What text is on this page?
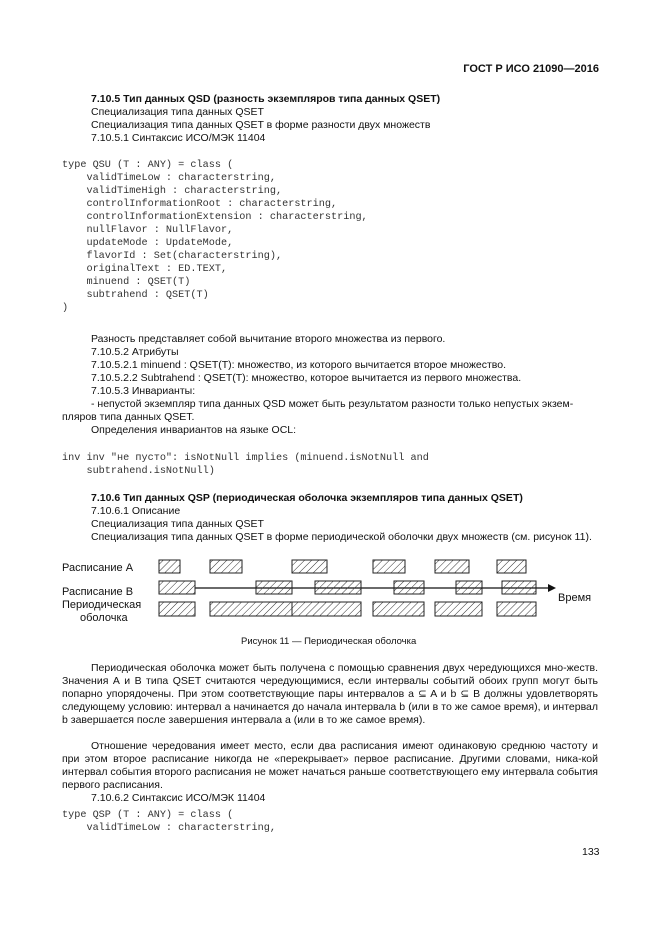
ГОСТ Р ИСО 21090—2016
7.10.5 Тип данных QSD (разность экземпляров типа данных QSET)
Специализация типа данных QSET
Специализация типа данных QSET в форме разности двух множеств
7.10.5.1 Синтаксис ИСО/МЭК 11404
type QSU (T : ANY) = class (
validTimeLow : characterstring,
validTimeHigh : characterstring,
controlInformationRoot : characterstring,
controlInformationExtension : characterstring,
nullFlavor : NullFlavor,
updateMode : UpdateMode,
flavorId : Set(characterstring),
originalText : ED.TEXT,
minuend : QSET(T)
subtrahend : QSET(T)
)
Разность представляет собой вычитание второго множества из первого.
7.10.5.2 Атрибуты
7.10.5.2.1 minuend : QSET(T): множество, из которого вычитается второе множество.
7.10.5.2.2 Subtrahend : QSET(T): множество, которое вычитается из первого множества.
7.10.5.3 Инварианты:
- непустой экземпляр типа данных QSD может быть результатом разности только непустых экзем-
пляров типа данных QSET.
Определения инвариантов на языке OCL:
inv inv "не пусто": isNotNull implies (minuend.isNotNull and
subtrahend.isNotNull)
7.10.6 Тип данных QSP (периодическая оболочка экземпляров типа данных QSET)
7.10.6.1 Описание
Специализация типа данных QSET
Специализация типа данных QSET в форме периодической оболочки двух множеств (см. рисунок 11).
Расписание А
Расписание В
Периодическая
оболочка
Время
Рисунок 11 — Периодическая оболочка
Периодическая оболочка может быть получена с помощью сравнения двух чередующихся мно-жеств. Значения А и В типа QSET считаются чередующимися, если интервалы событий обоих групп могут быть попарно упорядочены. При этом соответствующие пары интервалов a ⊆ A и b ⊆ B должны удовлетворять следующему условию: интервал a начинается до начала интервала b (или в то же самое время), и интервал b завершается после завершения интервала a (или в то же самое время).
Отношение чередования имеет место, если два расписания имеют одинаковую среднюю частоту и при этом второе расписание никогда не «перекрывает» первое расписание. Другими словами, ника-кой интервал события второго расписания не может начаться раньше соответствующего ему интервала события первого расписания.
7.10.6.2 Синтаксис ИСО/МЭК 11404
type QSP (T : ANY) = class (
validTimeLow : characterstring,
133
